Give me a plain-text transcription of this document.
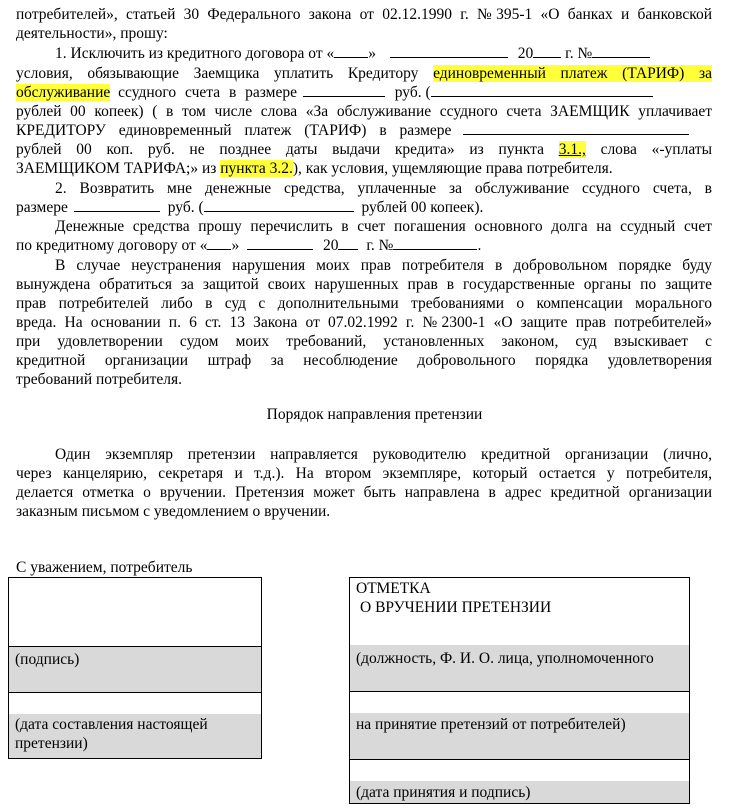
потребителей», статьей 30 Федерального закона от 02.12.1990 г. №395-1 «О банках и банковской
деятельности», прошу:
1. Исключить из кредитного договора от « »	20 г. №
условия, обязывающие Заемщика уплатить Кредитору единовременный платеж (ТАРИФ) за
обслуживание ссудного счета в размере	руб. (
рублей 00 копеек) ( в том числе слова «За обслуживание ссудного счета ЗАЕМЩИК уплачивает
КРЕДИТОРУ единовременный платеж (ТАРИФ) в размере
рублей 00 коп. руб. не позднее даты выдачи кредита» из пункта 3.1., слова «-уплаты
ЗАЕМЩИКОМ ТАРИФА;» из пункта 3.2.), как условия, ущемляющие права потребителя.
2. Возвратить мне денежные средства, уплаченные за обслуживание ссудного счета, в
размере	руб. (	рублей 00 копеек).
Денежные средства прошу перечислить в счет погашения основного долга на ссудный счет
по кредитному договору от « »	20 г. №	.
В случае неустранения нарушения моих прав потребителя в добровольном порядке буду
вынуждена обратиться за защитой своих нарушенных прав в государственные органы по защите
прав потребителей либо в суд с дополнительными требованиями о компенсации морального
вреда. На основании п. 6 ст. 13 Закона от 07.02.1992 г. №2300-1 «О защите прав потребителей»
при удовлетворении судом моих требований, установленных законом, суд взыскивает с
кредитной организации штраф за несоблюдение добровольного порядка удовлетворения
требований потребителя.
Порядок направления претензии
Один экземпляр претензии направляется руководителю кредитной организации (лично,
через канцелярию, секретаря и т.д.). На втором экземпляре, который остается у потребителя,
делается отметка о вручении. Претензия может быть направлена в адрес кредитной организации
заказным письмом с уведомлением о вручении.
С уважением, потребитель
(подпись)
(дата составления настоящей
претензии)
ОТМЕТКА
О ВРУЧЕНИИ ПРЕТЕНЗИИ
(должность, Ф. И. О. лица, уполномоченного
на принятие претензий от потребителей)
(дата принятия и подпись)
